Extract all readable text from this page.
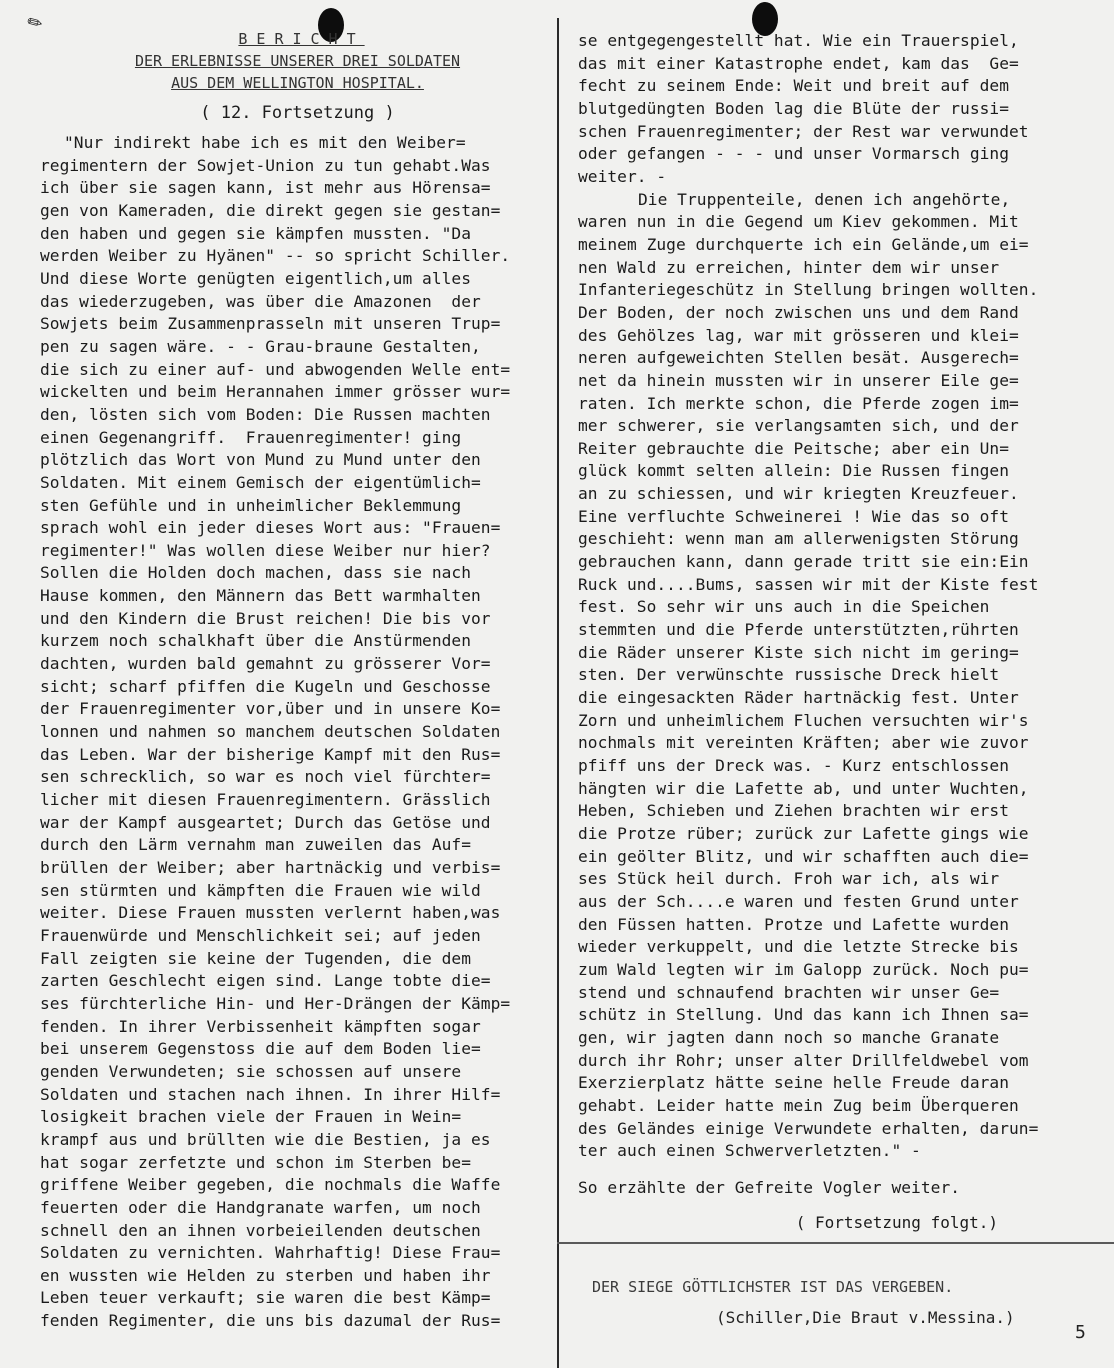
✎
BERICHT
DER ERLEBNISSE UNSERER DREI SOLDATEN
AUS DEM WELLINGTON HOSPITAL.
( 12. Fortsetzung )
"Nur indirekt habe ich es mit den Weiber=
regimentern der Sowjet-Union zu tun gehabt.Was
ich über sie sagen kann, ist mehr aus Hörensa=
gen von Kameraden, die direkt gegen sie gestan=
den haben und gegen sie kämpfen mussten. "Da
werden Weiber zu Hyänen" -- so spricht Schiller.
Und diese Worte genügten eigentlich,um alles
das wiederzugeben, was über die Amazonen  der
Sowjets beim Zusammenprasseln mit unseren Trup=
pen zu sagen wäre. - - Grau-braune Gestalten,
die sich zu einer auf- und abwogenden Welle ent=
wickelten und beim Herannahen immer grösser wur=
den, lösten sich vom Boden: Die Russen machten
einen Gegenangriff.  Frauenregimenter! ging
plötzlich das Wort von Mund zu Mund unter den
Soldaten. Mit einem Gemisch der eigentümlich=
sten Gefühle und in unheimlicher Beklemmung
sprach wohl ein jeder dieses Wort aus: "Frauen=
regimenter!" Was wollen diese Weiber nur hier?
Sollen die Holden doch machen, dass sie nach
Hause kommen, den Männern das Bett warmhalten
und den Kindern die Brust reichen! Die bis vor
kurzem noch schalkhaft über die Anstürmenden
dachten, wurden bald gemahnt zu grösserer Vor=
sicht; scharf pfiffen die Kugeln und Geschosse
der Frauenregimenter vor,über und in unsere Ko=
lonnen und nahmen so manchem deutschen Soldaten
das Leben. War der bisherige Kampf mit den Rus=
sen schrecklich, so war es noch viel fürchter=
licher mit diesen Frauenregimentern. Grässlich
war der Kampf ausgeartet; Durch das Getöse und
durch den Lärm vernahm man zuweilen das Auf=
brüllen der Weiber; aber hartnäckig und verbis=
sen stürmten und kämpften die Frauen wie wild
weiter. Diese Frauen mussten verlernt haben,was
Frauenwürde und Menschlichkeit sei; auf jeden
Fall zeigten sie keine der Tugenden, die dem
zarten Geschlecht eigen sind. Lange tobte die=
ses fürchterliche Hin- und Her-Drängen der Kämp=
fenden. In ihrer Verbissenheit kämpften sogar
bei unserem Gegenstoss die auf dem Boden lie=
genden Verwundeten; sie schossen auf unsere
Soldaten und stachen nach ihnen. In ihrer Hilf=
losigkeit brachen viele der Frauen in Wein=
krampf aus und brüllten wie die Bestien, ja es
hat sogar zerfetzte und schon im Sterben be=
griffene Weiber gegeben, die nochmals die Waffe
feuerten oder die Handgranate warfen, um noch
schnell den an ihnen vorbeieilenden deutschen
Soldaten zu vernichten. Wahrhaftig! Diese Frau=
en wussten wie Helden zu sterben und haben ihr
Leben teuer verkauft; sie waren die best Kämp=
fenden Regimenter, die uns bis dazumal der Rus=
se entgegengestellt hat. Wie ein Trauerspiel,
das mit einer Katastrophe endet, kam das  Ge=
fecht zu seinem Ende: Weit und breit auf dem
blutgedüngten Boden lag die Blüte der russi=
schen Frauenregimenter; der Rest war verwundet
oder gefangen - - - und unser Vormarsch ging
weiter. -
Die Truppenteile, denen ich angehörte,
waren nun in die Gegend um Kiev gekommen. Mit
meinem Zuge durchquerte ich ein Gelände,um ei=
nen Wald zu erreichen, hinter dem wir unser
Infanteriegeschütz in Stellung bringen wollten.
Der Boden, der noch zwischen uns und dem Rand
des Gehölzes lag, war mit grösseren und klei=
neren aufgeweichten Stellen besät. Ausgerech=
net da hinein mussten wir in unserer Eile ge=
raten. Ich merkte schon, die Pferde zogen im=
mer schwerer, sie verlangsamten sich, und der
Reiter gebrauchte die Peitsche; aber ein Un=
glück kommt selten allein: Die Russen fingen
an zu schiessen, und wir kriegten Kreuzfeuer.
Eine verfluchte Schweinerei ! Wie das so oft
geschieht: wenn man am allerwenigsten Störung
gebrauchen kann, dann gerade tritt sie ein:Ein
Ruck und....Bums, sassen wir mit der Kiste fest
fest. So sehr wir uns auch in die Speichen
stemmten und die Pferde unterstützten,rührten
die Räder unserer Kiste sich nicht im gering=
sten. Der verwünschte russische Dreck hielt
die eingesackten Räder hartnäckig fest. Unter
Zorn und unheimlichem Fluchen versuchten wir's
nochmals mit vereinten Kräften; aber wie zuvor
pfiff uns der Dreck was. - Kurz entschlossen
hängten wir die Lafette ab, und unter Wuchten,
Heben, Schieben und Ziehen brachten wir erst
die Protze rüber; zurück zur Lafette gings wie
ein geölter Blitz, und wir schafften auch die=
ses Stück heil durch. Froh war ich, als wir
aus der Sch....e waren und festen Grund unter
den Füssen hatten. Protze und Lafette wurden
wieder verkuppelt, und die letzte Strecke bis
zum Wald legten wir im Galopp zurück. Noch pu=
stend und schnaufend brachten wir unser Ge=
schütz in Stellung. Und das kann ich Ihnen sa=
gen, wir jagten dann noch so manche Granate
durch ihr Rohr; unser alter Drillfeldwebel vom
Exerzierplatz hätte seine helle Freude daran
gehabt. Leider hatte mein Zug beim Überqueren
des Geländes einige Verwundete erhalten, darun=
ter auch einen Schwerverletzten." -
So erzählte der Gefreite Vogler weiter.
( Fortsetzung folgt.)
DER SIEGE GÖTTLICHSTER IST DAS VERGEBEN.
(Schiller,Die Braut v.Messina.)
5
